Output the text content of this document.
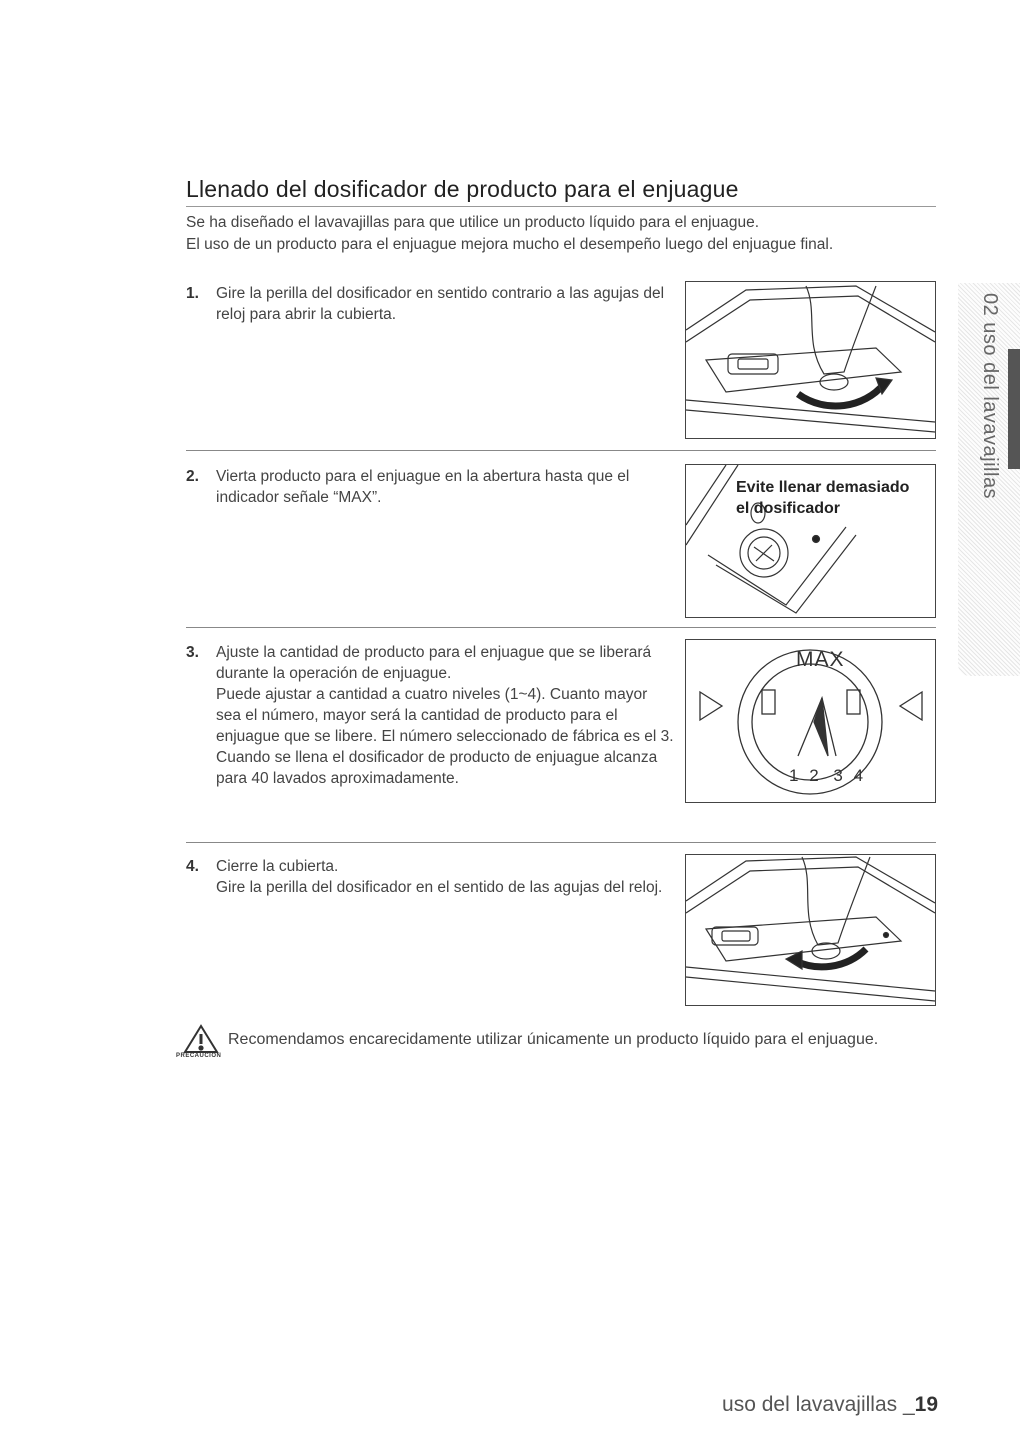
Llenado del dosificador de producto para el enjuague
Se ha diseñado el lavavajillas para que utilice un producto líquido para el enjuague.
El uso de un producto para el enjuague mejora mucho el desempeño luego del enjuague final.
1. Gire la perilla del dosificador en sentido contrario a las agujas del reloj para abrir la cubierta.

2. Vierta producto para el enjuague en la abertura hasta que el indicador señale “MAX”.

Evite llenar demasiado
el dosificador
3. Ajuste la cantidad de producto para el enjuague que se liberará durante la operación de enjuague.

Puede ajustar a cantidad a cuatro niveles (1~4). Cuanto mayor sea el número, mayor será la cantidad de producto para el enjuague que se libere. El número seleccionado de fábrica es el 3.

Cuando se llena el dosificador de producto de enjuague alcanza para 40 lavados aproximadamente.

MAX
1 2 3 4
4. Cierre la cubierta.

Gire la perilla del dosificador en el sentido de las agujas del reloj.

PRECAUCIÓN
Recomendamos encarecidamente utilizar únicamente un producto líquido para el enjuague.
02 uso del lavavajillas
uso del lavavajillas _19
